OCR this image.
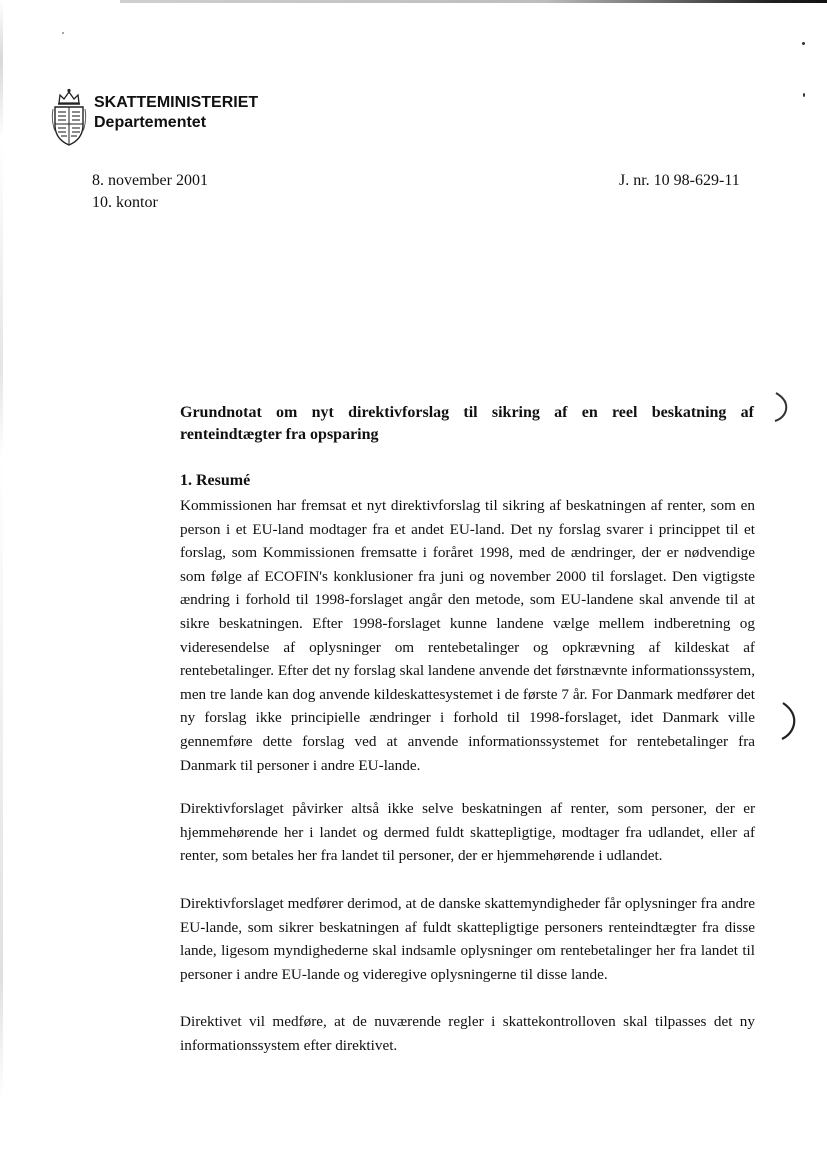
SKATTEMINISTERIET
Departementet
8. november 2001
10. kontor
J. nr. 10 98-629-11
Grundnotat om nyt direktivforslag til sikring af en reel beskatning af renteindtægter fra opsparing
1. Resumé

Kommissionen har fremsat et nyt direktivforslag til sikring af beskatningen af renter, som en person i et EU-land modtager fra et andet EU-land. Det ny forslag svarer i princippet til et forslag, som Kommissionen fremsatte i foråret 1998, med de ændringer, der er nødvendige som følge af ECOFIN's konklusioner fra juni og november 2000 til forslaget. Den vigtigste ændring i forhold til 1998-forslaget angår den metode, som EU-landene skal anvende til at sikre beskatningen. Efter 1998-forslaget kunne landene vælge mellem indberetning og videresendelse af oplysninger om rentebetalinger og opkrævning af kildeskat af rentebetalinger. Efter det ny forslag skal landene anvende det førstnævnte informationssystem, men tre lande kan dog anvende kildeskattesystemet i de første 7 år. For Danmark medfører det ny forslag ikke principielle ændringer i forhold til 1998-forslaget, idet Danmark ville gennemføre dette forslag ved at anvende informationssystemet for rentebetalinger fra Danmark til personer i andre EU-lande.

Direktivforslaget påvirker altså ikke selve beskatningen af renter, som personer, der er hjemmehørende her i landet og dermed fuldt skattepligtige, modtager fra udlandet, eller af renter, som betales her fra landet til personer, der er hjemmehørende i udlandet.

Direktivforslaget medfører derimod, at de danske skattemyndigheder får oplysninger fra andre EU-lande, som sikrer beskatningen af fuldt skattepligtige personers renteindtægter fra disse lande, ligesom myndighederne skal indsamle oplysninger om rentebetalinger her fra landet til personer i andre EU-lande og videregive oplysningerne til disse lande.

Direktivet vil medføre, at de nuværende regler i skattekontrolloven skal tilpasses det ny informationssystem efter direktivet.
